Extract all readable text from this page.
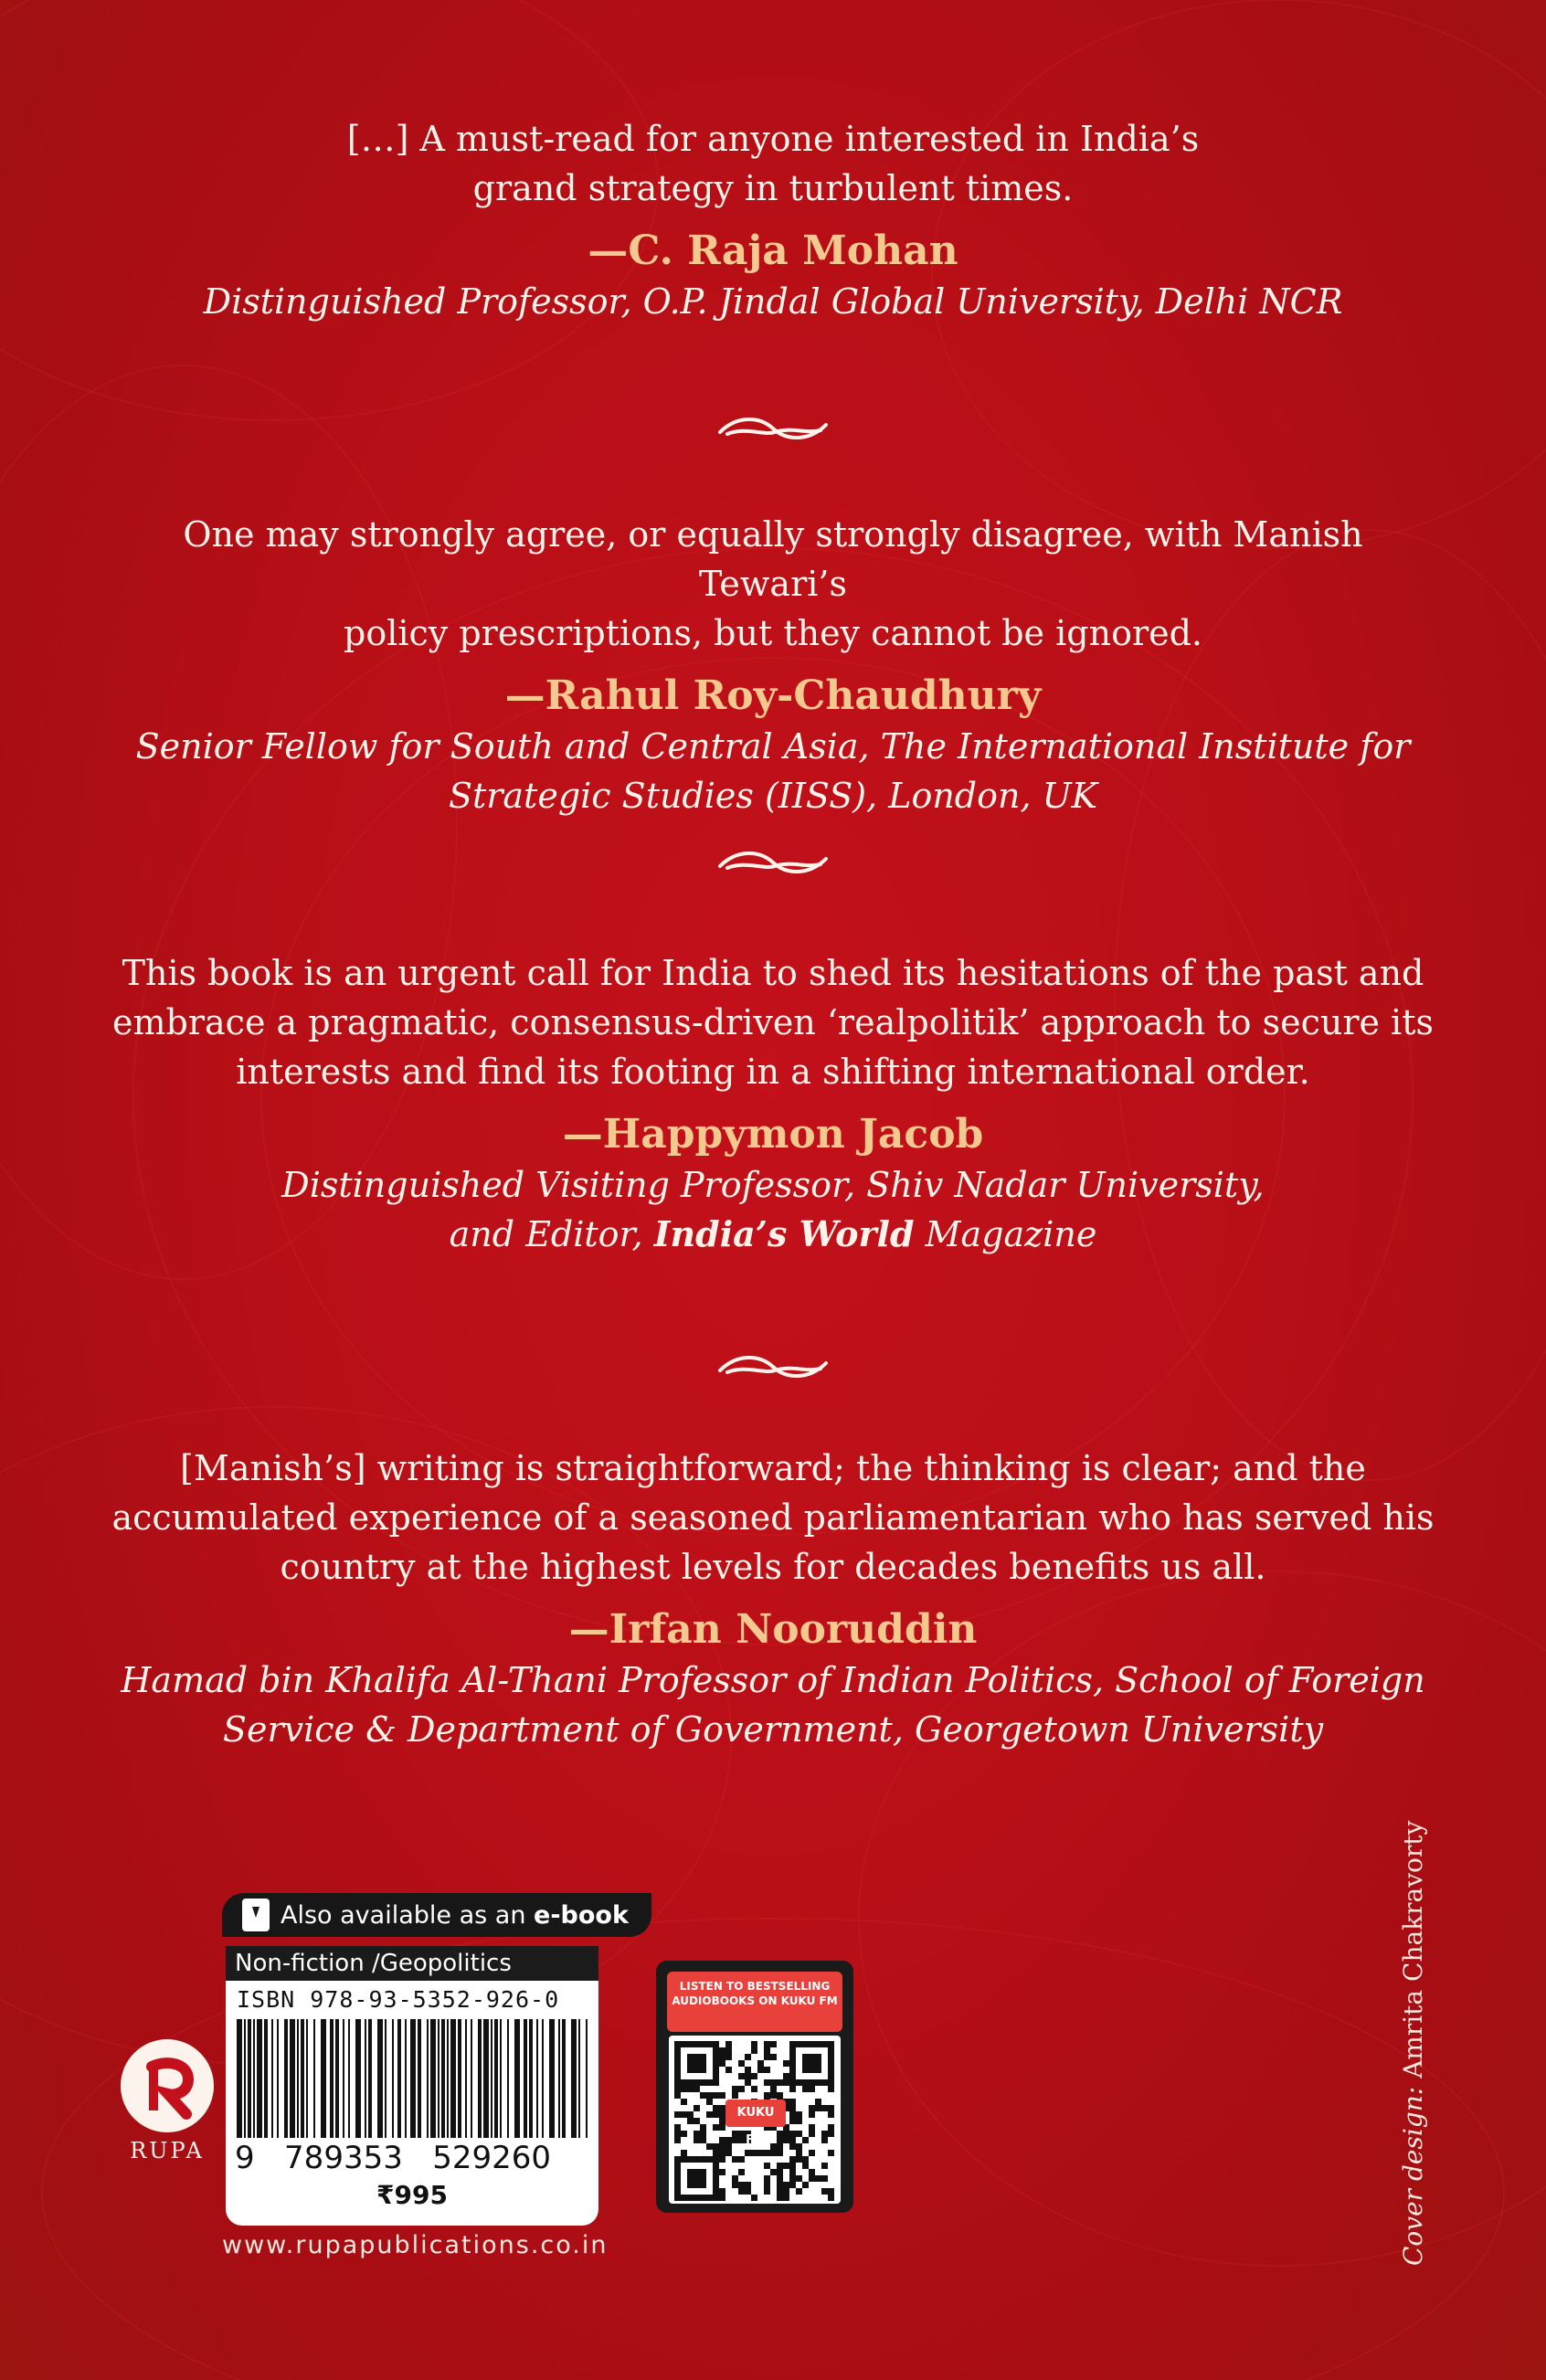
[…] A must-read for anyone interested in India’s
grand strategy in turbulent times.
—C. Raja Mohan
Distinguished Professor, O.P. Jindal Global University, Delhi NCR
One may strongly agree, or equally strongly disagree, with Manish Tewari’s
policy prescriptions, but they cannot be ignored.
—Rahul Roy-Chaudhury
Senior Fellow for South and Central Asia, The International Institute for
Strategic Studies (IISS), London, UK
This book is an urgent call for India to shed its hesitations of the past and
embrace a pragmatic, consensus-driven ‘realpolitik’ approach to secure its
interests and find its footing in a shifting international order.
—Happymon Jacob
Distinguished Visiting Professor, Shiv Nadar University,
and Editor, India’s World Magazine
[Manish’s] writing is straightforward; the thinking is clear; and the
accumulated experience of a seasoned parliamentarian who has served his
country at the highest levels for decades benefits us all.
—Irfan Nooruddin
Hamad bin Khalifa Al-Thani Professor of Indian Politics, School of Foreign
Service & Department of Government, Georgetown University
Also available as an e-book
Non-fiction /Geopolitics
ISBN 978-93-5352-926-0
9   789353   529260
₹995
www.rupapublications.co.in
RUPA
LISTEN TO BESTSELLING AUDIOBOOKS ON KUKU FM
KUKU FM	Cover design: Amrita Chakravorty
